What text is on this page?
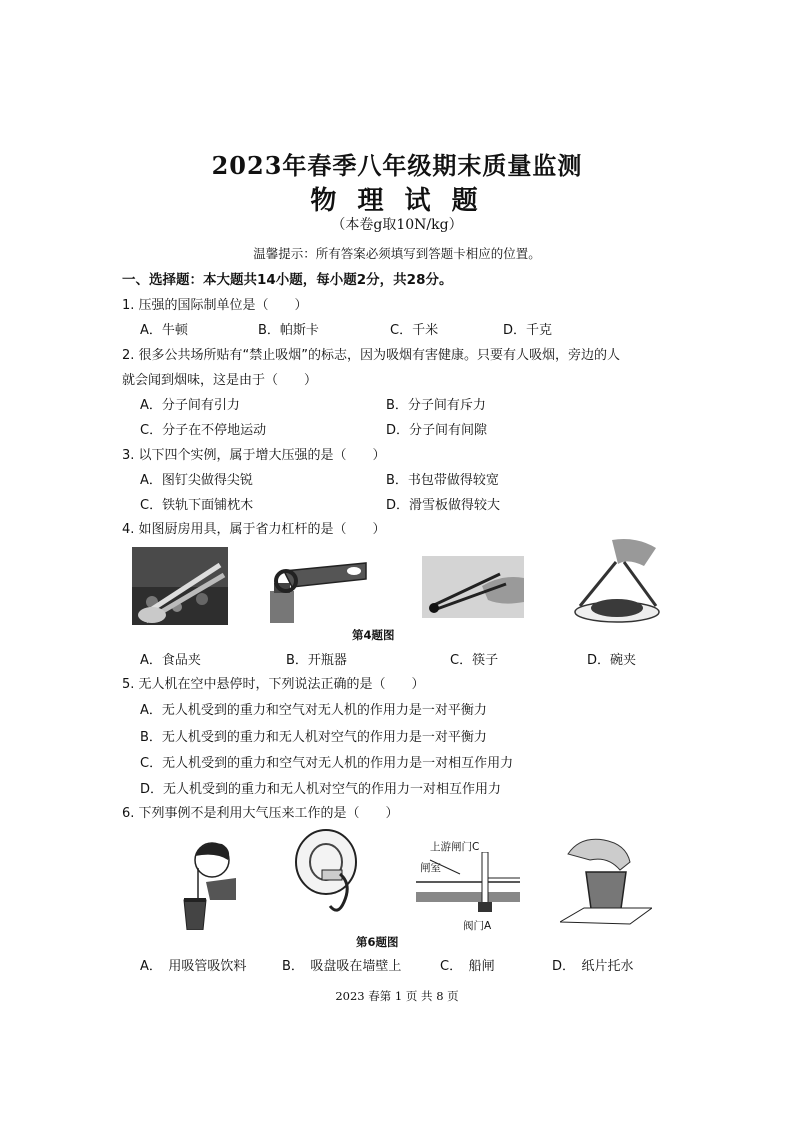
2023年春季八年级期末质量监测
物 理 试 题
（本卷g取10N/kg）
温馨提示：所有答案必须填写到答题卡相应的位置。
一、选择题：本大题共14小题，每小题2分，共28分。
1. 压强的国际制单位是（　　）
A．牛顿	B．帕斯卡	C．千米	D．千克
2. 很多公共场所贴有“禁止吸烟”的标志，因为吸烟有害健康。只要有人吸烟，旁边的人
就会闻到烟味，这是由于（　　）
A．分子间有引力	B．分子间有斥力
C．分子在不停地运动	D．分子间有间隙
3. 以下四个实例，属于增大压强的是（　　）
A．图钉尖做得尖锐	B．书包带做得较宽
C．铁轨下面铺枕木	D．滑雪板做得较大
4. 如图厨房用具，属于省力杠杆的是（　　）
第4题图
A．食品夹	B．开瓶器	C．筷子	D．碗夹
5. 无人机在空中悬停时，下列说法正确的是（　　）
A．无人机受到的重力和空气对无人机的作用力是一对平衡力
B．无人机受到的重力和无人机对空气的作用力是一对平衡力
C．无人机受到的重力和空气对无人机的作用力是一对相互作用力
D．无人机受到的重力和无人机对空气的作用力一对相互作用力
6. 下列事例不是利用大气压来工作的是（　　）
上游闸门C
闸室
阀门A
第6题图
A．　用吸管吸饮料	B．　吸盘吸在墙壁上	C．　船闸	D．　纸片托水
2023 春第 1 页 共 8 页
